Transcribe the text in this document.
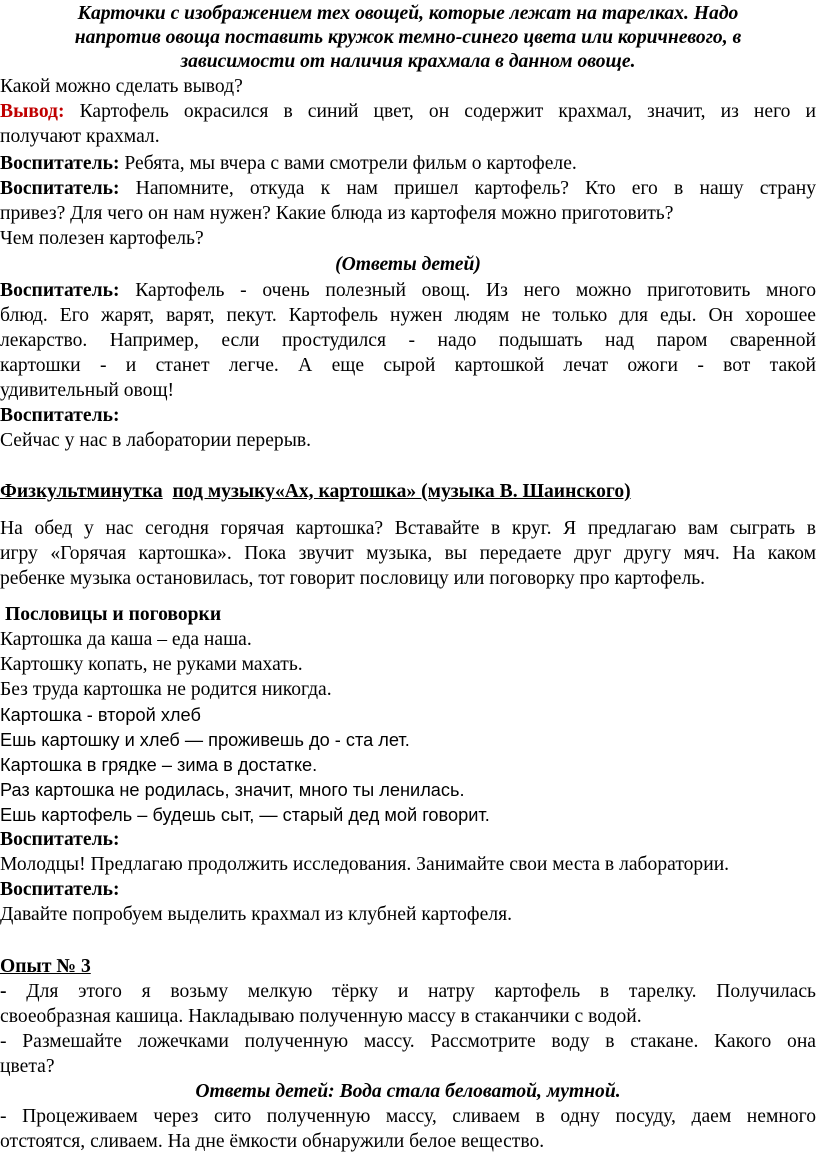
Карточки с изображением тех овощей, которые лежат на тарелках. Надо
напротив овоща поставить кружок темно-синего цвета или коричневого, в
зависимости от наличия крахмала в данном овоще.
Какой можно сделать вывод?
Вывод: Картофель окрасился в синий цвет, он содержит крахмал, значит, из него и
получают крахмал.
Воспитатель: Ребята, мы вчера с вами смотрели фильм о картофеле.
Воспитатель: Напомните, откуда к нам пришел картофель? Кто его в нашу страну
привез? Для чего он нам нужен? Какие блюда из картофеля можно приготовить?
Чем полезен картофель?
(Ответы детей)
Воспитатель: Картофель - очень полезный овощ. Из него можно приготовить много
блюд. Его жарят, варят, пекут. Картофель нужен людям не только для еды. Он хорошее
лекарство. Например, если простудился - надо подышать над паром сваренной
картошки - и станет легче. А еще сырой картошкой лечат ожоги - вот такой
удивительный овощ!
Воспитатель:
Сейчас у нас в лаборатории перерыв.
Физкультминутка под музыку«Ах, картошка» (музыка В. Шаинского)
На обед у нас сегодня горячая картошка? Вставайте в круг. Я предлагаю вам сыграть в
игру «Горячая картошка». Пока звучит музыка, вы передаете друг другу мяч. На каком
ребенке музыка остановилась, тот говорит пословицу или поговорку про картофель.
Пословицы и поговорки
Картошка да каша – еда наша.
Картошку копать, не руками махать.
Без труда картошка не родится никогда.
Картошка - второй хлеб
Ешь картошку и хлеб — проживешь до - ста лет.
Картошка в грядке – зима в достатке.
Раз картошка не родилась, значит, много ты ленилась.
Ешь картофель – будешь сыт, — старый дед мой говорит.
Воспитатель:
Молодцы! Предлагаю продолжить исследования. Занимайте свои места в лаборатории.
Воспитатель:
Давайте попробуем выделить крахмал из клубней картофеля.
Опыт № 3
- Для этого я возьму мелкую тёрку и натру картофель в тарелку. Получилась
своеобразная кашица. Накладываю полученную массу в стаканчики с водой.
- Размешайте ложечками полученную массу. Рассмотрите воду в стакане. Какого она
цвета?
Ответы детей: Вода стала беловатой, мутной.
- Процеживаем через сито полученную массу, сливаем в одну посуду, даем немного
отстоятся, сливаем. На дне ёмкости обнаружили белое вещество.
